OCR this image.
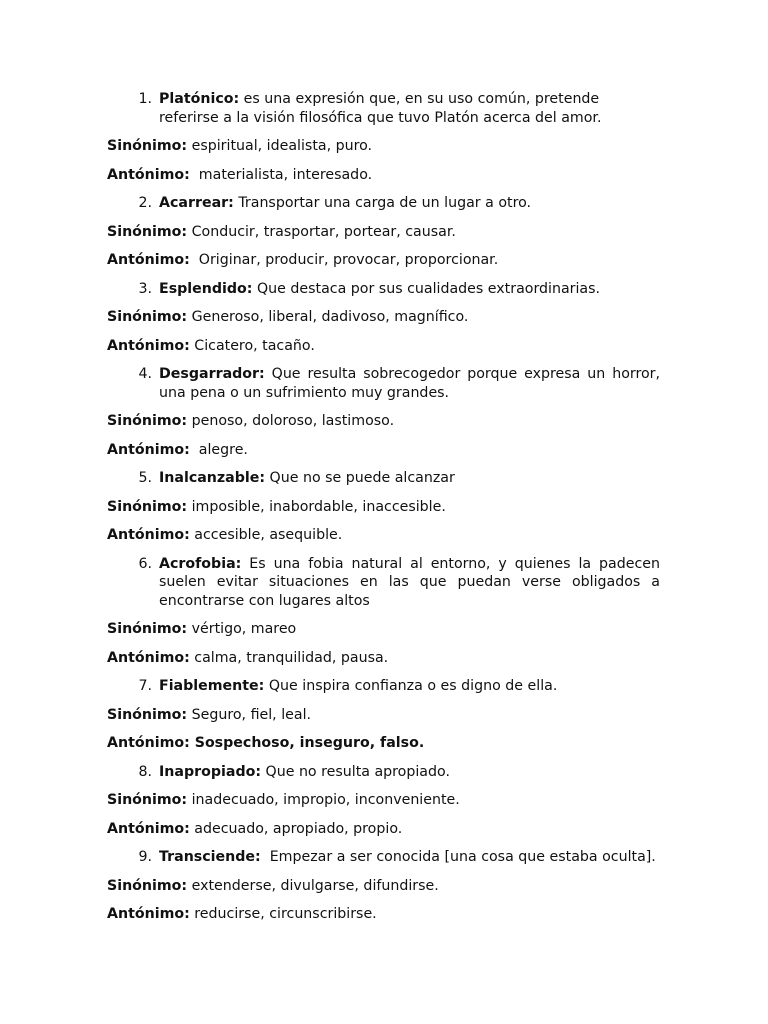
1. Platónico: es una expresión que, en su uso común, pretende referirse a la visión filosófica que tuvo Platón acerca del amor.
Sinónimo: espiritual, idealista, puro.
Antónimo:  materialista, interesado.
2. Acarrear: Transportar una carga de un lugar a otro.
Sinónimo: Conducir, trasportar, portear, causar.
Antónimo:  Originar, producir, provocar, proporcionar.
3. Esplendido: Que destaca por sus cualidades extraordinarias.
Sinónimo: Generoso, liberal, dadivoso, magnífico.
Antónimo: Cicatero, tacaño.
4. Desgarrador: Que resulta sobrecogedor porque expresa un horror, una pena o un sufrimiento muy grandes.
Sinónimo: penoso, doloroso, lastimoso.
Antónimo:  alegre.
5. Inalcanzable: Que no se puede alcanzar
Sinónimo: imposible, inabordable, inaccesible.
Antónimo: accesible, asequible.
6. Acrofobia: Es una fobia natural al entorno, y quienes la padecen suelen evitar situaciones en las que puedan verse obligados a encontrarse con lugares altos
Sinónimo: vértigo, mareo
Antónimo: calma, tranquilidad, pausa.
7. Fiablemente: Que inspira confianza o es digno de ella.
Sinónimo: Seguro, fiel, leal.
Antónimo: Sospechoso, inseguro, falso.
8. Inapropiado: Que no resulta apropiado.
Sinónimo: inadecuado, impropio, inconveniente.
Antónimo: adecuado, apropiado, propio.
9. Transciende:  Empezar a ser conocida [una cosa que estaba oculta].
Sinónimo: extenderse, divulgarse, difundirse.
Antónimo: reducirse, circunscribirse.
